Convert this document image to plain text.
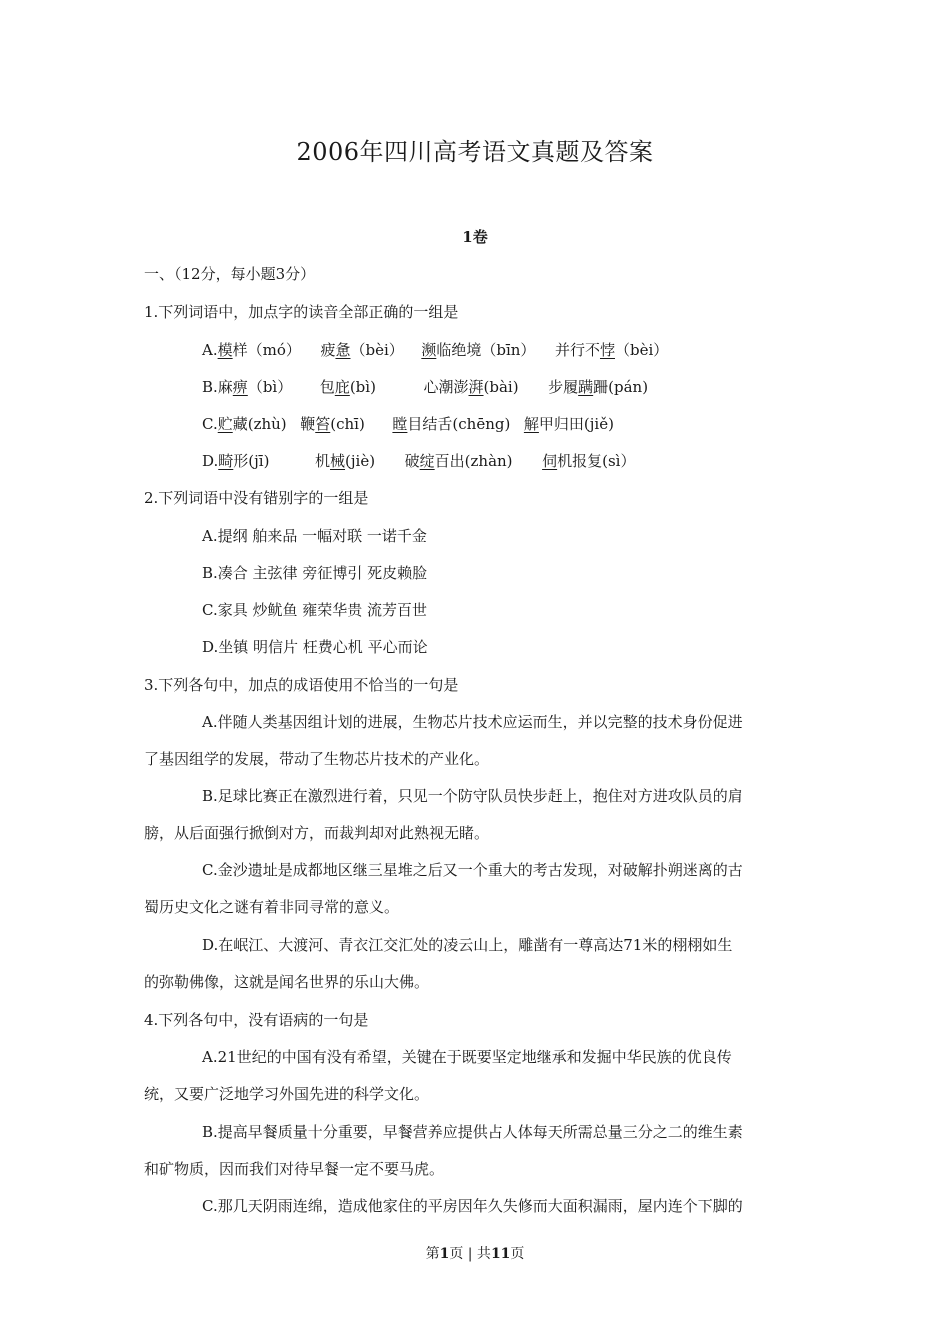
2006年四川高考语文真题及答案
1卷
一、（12分，每小题3分）
1.下列词语中，加点字的读音全部正确的一组是
A.模样（mó） 疲惫（bèi） 濒临绝境（bīn） 并行不悖（bèi）
B.麻痹（bì） 包庇(bì)	心潮澎湃(bài) 步履蹒跚(pán)
C.贮藏(zhù) 鞭笞(chī) 瞠目结舌(chēng) 解甲归田(jiě)
D.畸形(jī)	机械(jiè) 破绽百出(zhàn) 伺机报复(sì）
2.下列词语中没有错别字的一组是
A.提纲 舶来品 一幅对联 一诺千金
B.凑合 主弦律 旁征博引 死皮赖脸
C.家具 炒鱿鱼 雍荣华贵 流芳百世
D.坐镇 明信片 枉费心机 平心而论
3.下列各句中，加点的成语使用不恰当的一句是
A.伴随人类基因组计划的进展，生物芯片技术应运而生，并以完整的技术身份促进
了基因组学的发展，带动了生物芯片技术的产业化。
B.足球比赛正在激烈进行着，只见一个防守队员快步赶上，抱住对方进攻队员的肩
膀，从后面强行掀倒对方，而裁判却对此熟视无睹。
C.金沙遗址是成都地区继三星堆之后又一个重大的考古发现，对破解扑朔迷离的古
蜀历史文化之谜有着非同寻常的意义。
D.在岷江、大渡河、青衣江交汇处的凌云山上，雕凿有一尊高达71米的栩栩如生
的弥勒佛像，这就是闻名世界的乐山大佛。
4.下列各句中，没有语病的一句是
A.21世纪的中国有没有希望，关键在于既要坚定地继承和发掘中华民族的优良传
统，又要广泛地学习外国先进的科学文化。
B.提高早餐质量十分重要，早餐营养应提供占人体每天所需总量三分之二的维生素
和矿物质，因而我们对待早餐一定不要马虎。
C.那几天阴雨连绵，造成他家住的平房因年久失修而大面积漏雨，屋内连个下脚的
第1页 | 共11页
